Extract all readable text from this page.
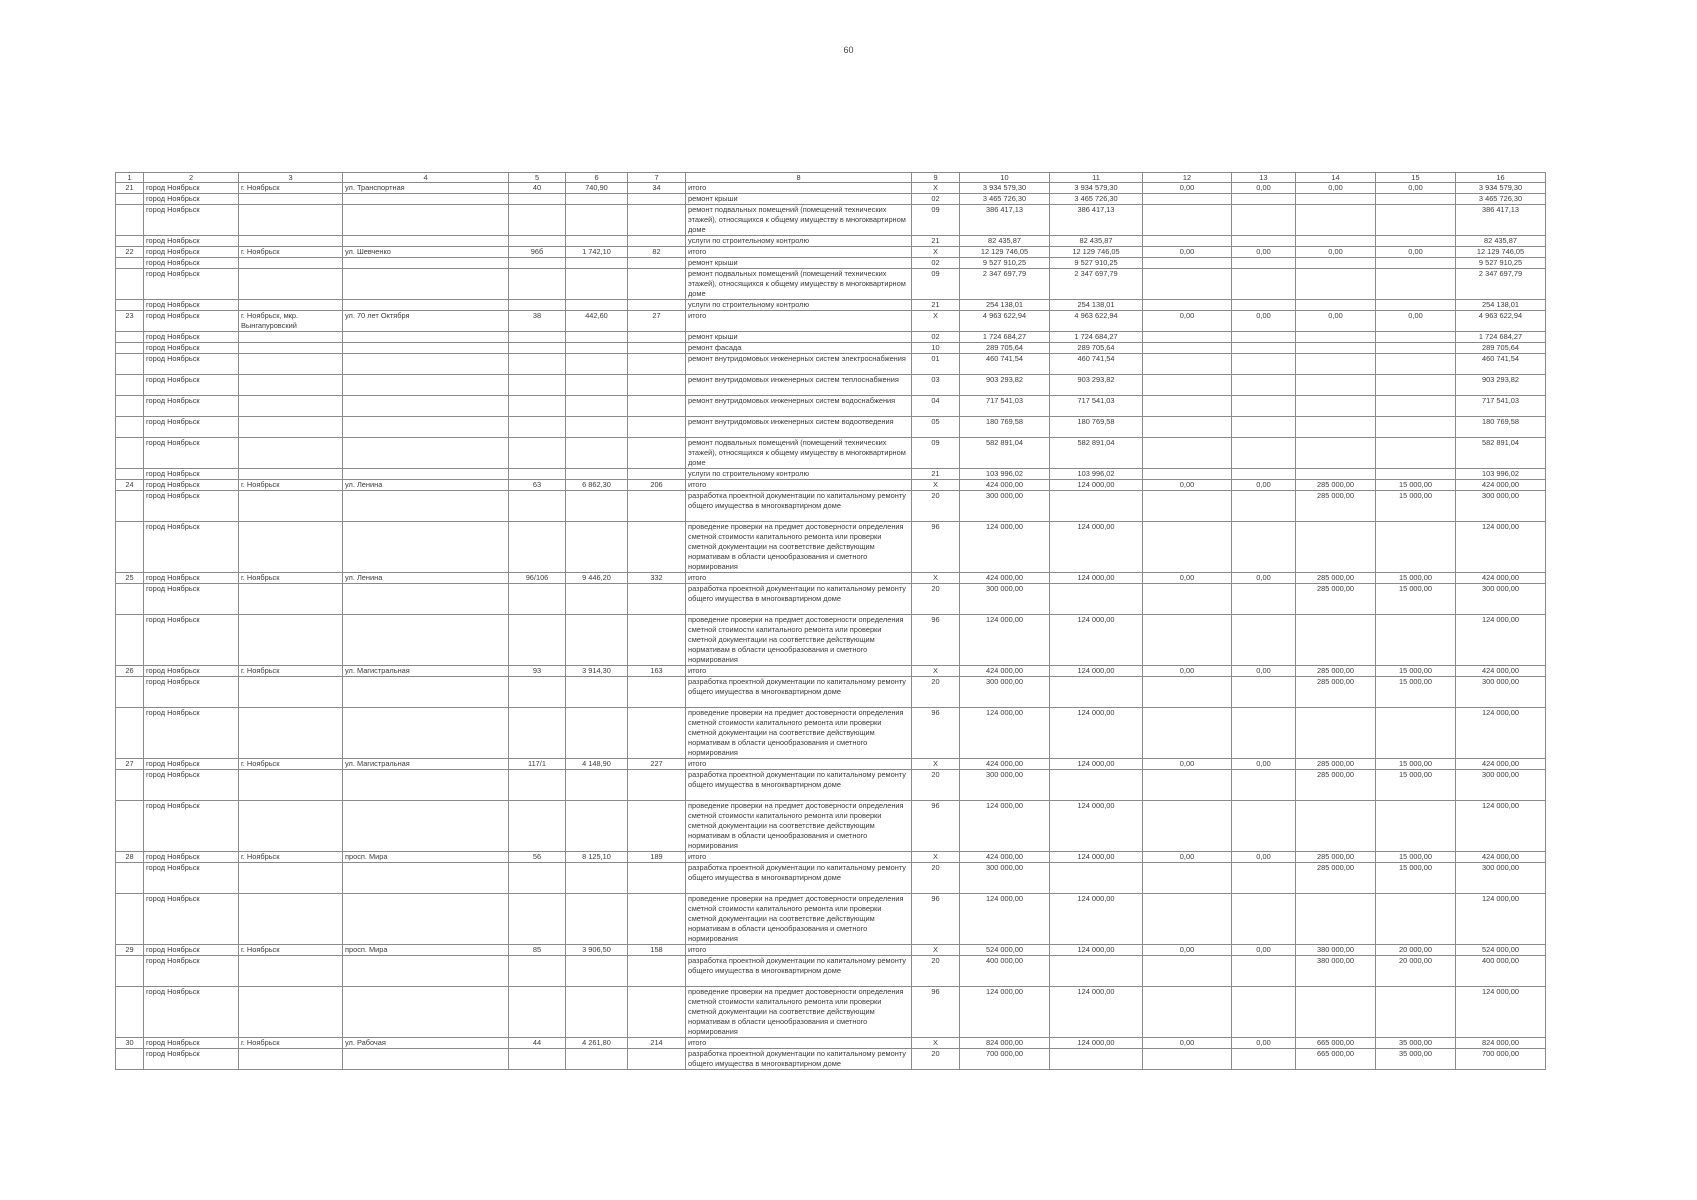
60
1	2	3	4	5	6	7	8	9	10	11	12	13	14	15	16
21	город Ноябрьск	г. Ноябрьск	ул. Транспортная	40	740,90	34	итого	Х	3 934 579,30	3 934 579,30	0,00	0,00	0,00	0,00	3 934 579,30
	город Ноябрьск						ремонт крыши	02	3 465 726,30	3 465 726,30					3 465 726,30
	город Ноябрьск						ремонт подвальных помещений (помещений технических этажей), относящихся к общему имуществу в многоквартирном доме	09	386 417,13	386 417,13					386 417,13
	город Ноябрьск						услуги по строительному контролю	21	82 435,87	82 435,87					82 435,87
22	город Ноябрьск	г. Ноябрьск	ул. Шевченко	96б	1 742,10	82	итого	Х	12 129 746,05	12 129 746,05	0,00	0,00	0,00	0,00	12 129 746,05
	город Ноябрьск						ремонт крыши	02	9 527 910,25	9 527 910,25					9 527 910,25
	город Ноябрьск						ремонт подвальных помещений (помещений технических этажей), относящихся к общему имуществу в многоквартирном доме	09	2 347 697,79	2 347 697,79					2 347 697,79
	город Ноябрьск						услуги по строительному контролю	21	254 138,01	254 138,01					254 138,01
23	город Ноябрьск	г. Ноябрьск, мкр. Вынгапуровский	ул. 70 лет Октября	38	442,60	27	итого	Х	4 963 622,94	4 963 622,94	0,00	0,00	0,00	0,00	4 963 622,94
	город Ноябрьск						ремонт крыши	02	1 724 684,27	1 724 684,27					1 724 684,27
	город Ноябрьск						ремонт фасада	10	289 705,64	289 705,64					289 705,64
	город Ноябрьск						ремонт внутридомовых инженерных систем электроснабжения	01	460 741,54	460 741,54					460 741,54
	город Ноябрьск						ремонт внутридомовых инженерных систем теплоснабжения	03	903 293,82	903 293,82					903 293,82
	город Ноябрьск						ремонт внутридомовых инженерных систем водоснабжения	04	717 541,03	717 541,03					717 541,03
	город Ноябрьск						ремонт внутридомовых инженерных систем водоотведения	05	180 769,58	180 769,58					180 769,58
	город Ноябрьск						ремонт подвальных помещений (помещений технических этажей), относящихся к общему имуществу в многоквартирном доме	09	582 891,04	582 891,04					582 891,04
	город Ноябрьск						услуги по строительному контролю	21	103 996,02	103 996,02					103 996,02
24	город Ноябрьск	г. Ноябрьск	ул. Ленина	63	6 862,30	206	итого	Х	424 000,00	124 000,00	0,00	0,00	285 000,00	15 000,00	424 000,00
	город Ноябрьск						разработка проектной документации по капитальному ремонту общего имущества в многоквартирном доме	20	300 000,00				285 000,00	15 000,00	300 000,00
	город Ноябрьск						проведение проверки на предмет достоверности определения сметной стоимости капитального ремонта или проверки сметной документации на соответствие действующим нормативам в области ценообразования и сметного нормирования	96	124 000,00	124 000,00					124 000,00
25	город Ноябрьск	г. Ноябрьск	ул. Ленина	96/106	9 446,20	332	итого	Х	424 000,00	124 000,00	0,00	0,00	285 000,00	15 000,00	424 000,00
	город Ноябрьск						разработка проектной документации по капитальному ремонту общего имущества в многоквартирном доме	20	300 000,00				285 000,00	15 000,00	300 000,00
	город Ноябрьск						проведение проверки на предмет достоверности определения сметной стоимости капитального ремонта или проверки сметной документации на соответствие действующим нормативам в области ценообразования и сметного нормирования	96	124 000,00	124 000,00					124 000,00
26	город Ноябрьск	г. Ноябрьск	ул. Магистральная	93	3 914,30	163	итого	Х	424 000,00	124 000,00	0,00	0,00	285 000,00	15 000,00	424 000,00
	город Ноябрьск						разработка проектной документации по капитальному ремонту общего имущества в многоквартирном доме	20	300 000,00				285 000,00	15 000,00	300 000,00
	город Ноябрьск						проведение проверки на предмет достоверности определения сметной стоимости капитального ремонта или проверки сметной документации на соответствие действующим нормативам в области ценообразования и сметного нормирования	96	124 000,00	124 000,00					124 000,00
27	город Ноябрьск	г. Ноябрьск	ул. Магистральная	117/1	4 148,90	227	итого	Х	424 000,00	124 000,00	0,00	0,00	285 000,00	15 000,00	424 000,00
	город Ноябрьск						разработка проектной документации по капитальному ремонту общего имущества в многоквартирном доме	20	300 000,00				285 000,00	15 000,00	300 000,00
	город Ноябрьск						проведение проверки на предмет достоверности определения сметной стоимости капитального ремонта или проверки сметной документации на соответствие действующим нормативам в области ценообразования и сметного нормирования	96	124 000,00	124 000,00					124 000,00
28	город Ноябрьск	г. Ноябрьск	просп. Мира	56	8 125,10	189	итого	Х	424 000,00	124 000,00	0,00	0,00	285 000,00	15 000,00	424 000,00
	город Ноябрьск						разработка проектной документации по капитальному ремонту общего имущества в многоквартирном доме	20	300 000,00				285 000,00	15 000,00	300 000,00
	город Ноябрьск						проведение проверки на предмет достоверности определения сметной стоимости капитального ремонта или проверки сметной документации на соответствие действующим нормативам в области ценообразования и сметного нормирования	96	124 000,00	124 000,00					124 000,00
29	город Ноябрьск	г. Ноябрьск	просп. Мира	85	3 906,50	158	итого	Х	524 000,00	124 000,00	0,00	0,00	380 000,00	20 000,00	524 000,00
	город Ноябрьск						разработка проектной документации по капитальному ремонту общего имущества в многоквартирном доме	20	400 000,00				380 000,00	20 000,00	400 000,00
	город Ноябрьск						проведение проверки на предмет достоверности определения сметной стоимости капитального ремонта или проверки сметной документации на соответствие действующим нормативам в области ценообразования и сметного нормирования	96	124 000,00	124 000,00					124 000,00
30	город Ноябрьск	г. Ноябрьск	ул. Рабочая	44	4 261,80	214	итого	Х	824 000,00	124 000,00	0,00	0,00	665 000,00	35 000,00	824 000,00
	город Ноябрьск						разработка проектной документации по капитальному ремонту общего имущества в многоквартирном доме	20	700 000,00				665 000,00	35 000,00	700 000,00
